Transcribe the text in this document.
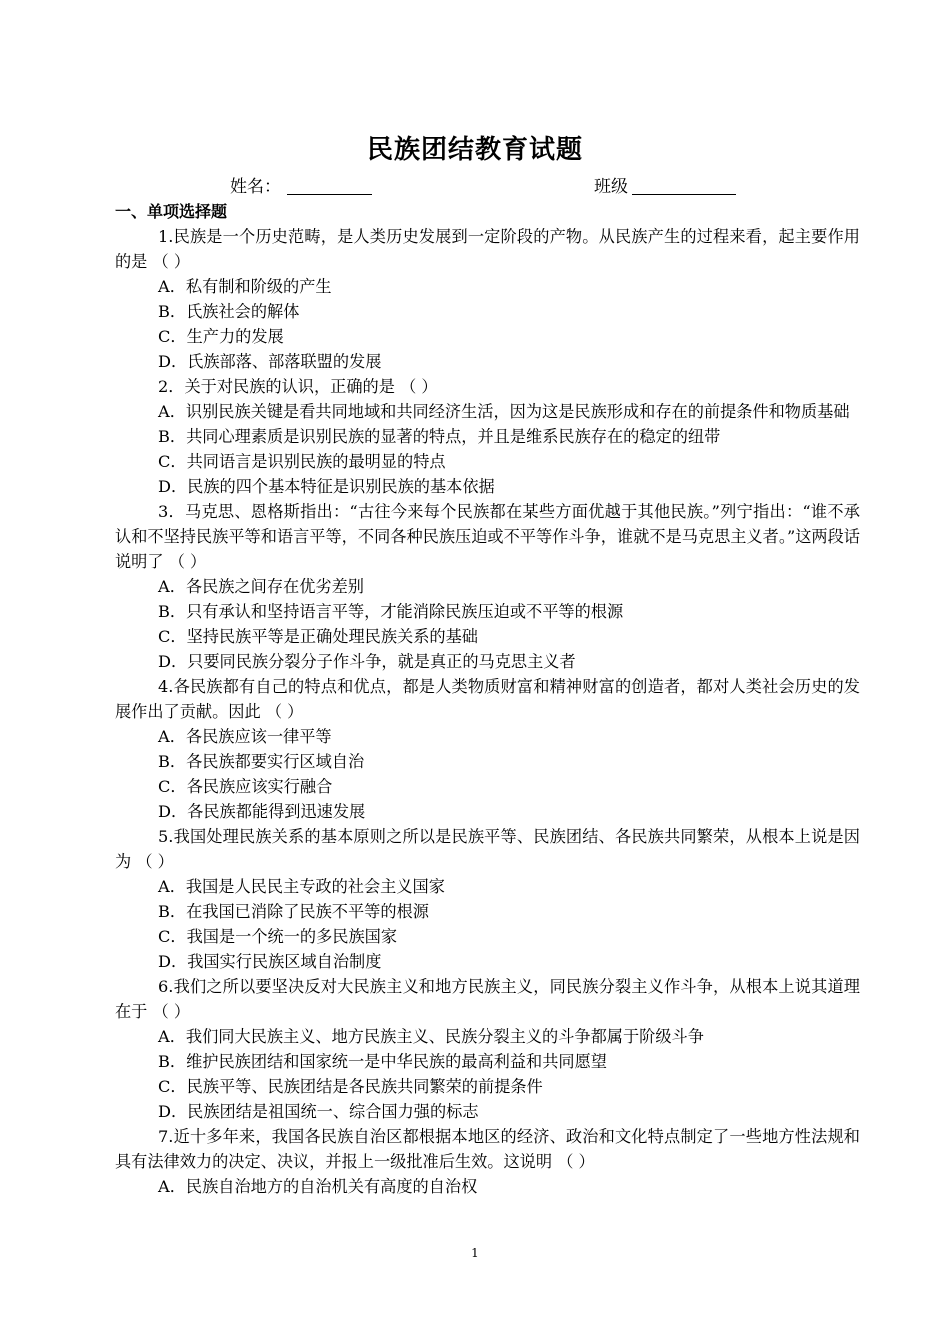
民族团结教育试题
姓名：	班级

一、单项选择题

1.民族是一个历史范畴，是人类历史发展到一定阶段的产物。从民族产生的过程来看，起主要作用的是 （ ）

A．私有制和阶级的产生

B．氏族社会的解体

C．生产力的发展

D．氏族部落、部落联盟的发展

2．关于对民族的认识，正确的是 （ ）

A．识别民族关键是看共同地域和共同经济生活，因为这是民族形成和存在的前提条件和物质基础

B．共同心理素质是识别民族的显著的特点，并且是维系民族存在的稳定的纽带

C．共同语言是识别民族的最明显的特点

D．民族的四个基本特征是识别民族的基本依据

3．马克思、恩格斯指出：“古往今来每个民族都在某些方面优越于其他民族。”列宁指出：“谁不承认和不坚持民族平等和语言平等，不同各种民族压迫或不平等作斗争，谁就不是马克思主义者。”这两段话说明了 （ ）

A．各民族之间存在优劣差别

B．只有承认和坚持语言平等，才能消除民族压迫或不平等的根源

C．坚持民族平等是正确处理民族关系的基础

D．只要同民族分裂分子作斗争，就是真正的马克思主义者

4.各民族都有自己的特点和优点，都是人类物质财富和精神财富的创造者，都对人类社会历史的发展作出了贡献。因此 （ ）

A．各民族应该一律平等

B．各民族都要实行区域自治

C．各民族应该实行融合

D．各民族都能得到迅速发展

5.我国处理民族关系的基本原则之所以是民族平等、民族团结、各民族共同繁荣，从根本上说是因为 （ ）

A．我国是人民民主专政的社会主义国家

B．在我国已消除了民族不平等的根源

C．我国是一个统一的多民族国家

D．我国实行民族区域自治制度

6.我们之所以要坚决反对大民族主义和地方民族主义，同民族分裂主义作斗争，从根本上说其道理在于 （ ）

A．我们同大民族主义、地方民族主义、民族分裂主义的斗争都属于阶级斗争

B．维护民族团结和国家统一是中华民族的最高利益和共同愿望

C．民族平等、民族团结是各民族共同繁荣的前提条件

D．民族团结是祖国统一、综合国力强的标志

7.近十多年来，我国各民族自治区都根据本地区的经济、政治和文化特点制定了一些地方性法规和具有法律效力的决定、决议，并报上一级批准后生效。这说明 （ ）

A．民族自治地方的自治机关有高度的自治权

1
